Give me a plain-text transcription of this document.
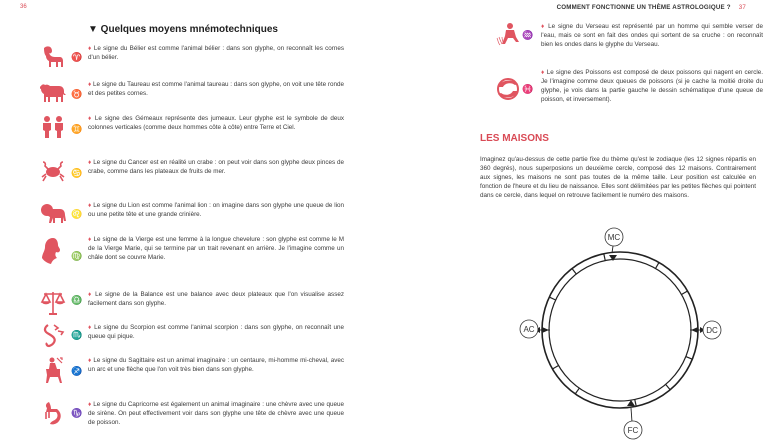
36
▼ Quelques moyens mnémotechniques
♈
♦ Le signe du Bélier est comme l'animal bélier : dans son glyphe, on reconnaît les cornes d'un bélier.
♉
♦ Le signe du Taureau est comme l'animal taureau : dans son glyphe, on voit une tête ronde et des petites cornes.
♊
♦ Le signe des Gémeaux représente des jumeaux. Leur glyphe est le symbole de deux colonnes verticales (comme deux hommes côte à côte) entre Terre et Ciel.
♋
♦ Le signe du Cancer est en réalité un crabe : on peut voir dans son glyphe deux pinces de crabe, comme dans les plateaux de fruits de mer.
♌
♦ Le signe du Lion est comme l'animal lion : on imagine dans son glyphe une queue de lion ou une petite tête et une grande crinière.
♍
♦ Le signe de la Vierge est une femme à la longue chevelure : son glyphe est comme le M de la Vierge Marie, qui se termine par un trait revenant en arrière. Je l'imagine comme un châle dont se couvre Marie.
♎
♦ Le signe de la Balance est une balance avec deux plateaux que l'on visualise assez facilement dans son glyphe.
♏
♦ Le signe du Scorpion est comme l'animal scorpion : dans son glyphe, on reconnaît une queue qui pique.
♐
♦ Le signe du Sagittaire est un animal imaginaire : un centaure, mi-homme mi-cheval, avec un arc et une flèche que l'on voit très bien dans son glyphe.
♑
♦ Le signe du Capricorne est également un animal imaginaire : une chèvre avec une queue de sirène. On peut effectivement voir dans son glyphe une tête de chèvre avec une queue de poisson.
COMMENT FONCTIONNE UN THÈME ASTROLOGIQUE ? 37
♒
♦ Le signe du Verseau est représenté par un homme qui semble verser de l'eau, mais ce sont en fait des ondes qui sortent de sa cruche : on reconnaît bien les ondes dans le glyphe du Verseau.
♓
♦ Le signe des Poissons est composé de deux poissons qui nagent en cercle. Je l'imagine comme deux queues de poissons (si je cache la moitié droite du glyphe, je vois dans la partie gauche le dessin schématique d'une queue de poisson, et inversement).
LES MAISONS
Imaginez qu'au-dessus de cette partie fixe du thème qu'est le zodiaque (les 12 signes répartis en 360 degrés), nous superposions un deuxième cercle, composé des 12 maisons. Contrairement aux signes, les maisons ne sont pas toutes de la même taille. Leur position est calculée en fonction de l'heure et du lieu de naissance. Elles sont délimitées par les petites flèches qui pointent dans ce cercle, dans lequel on retrouve facilement le numéro des maisons.
MC
AC	DC
FC
